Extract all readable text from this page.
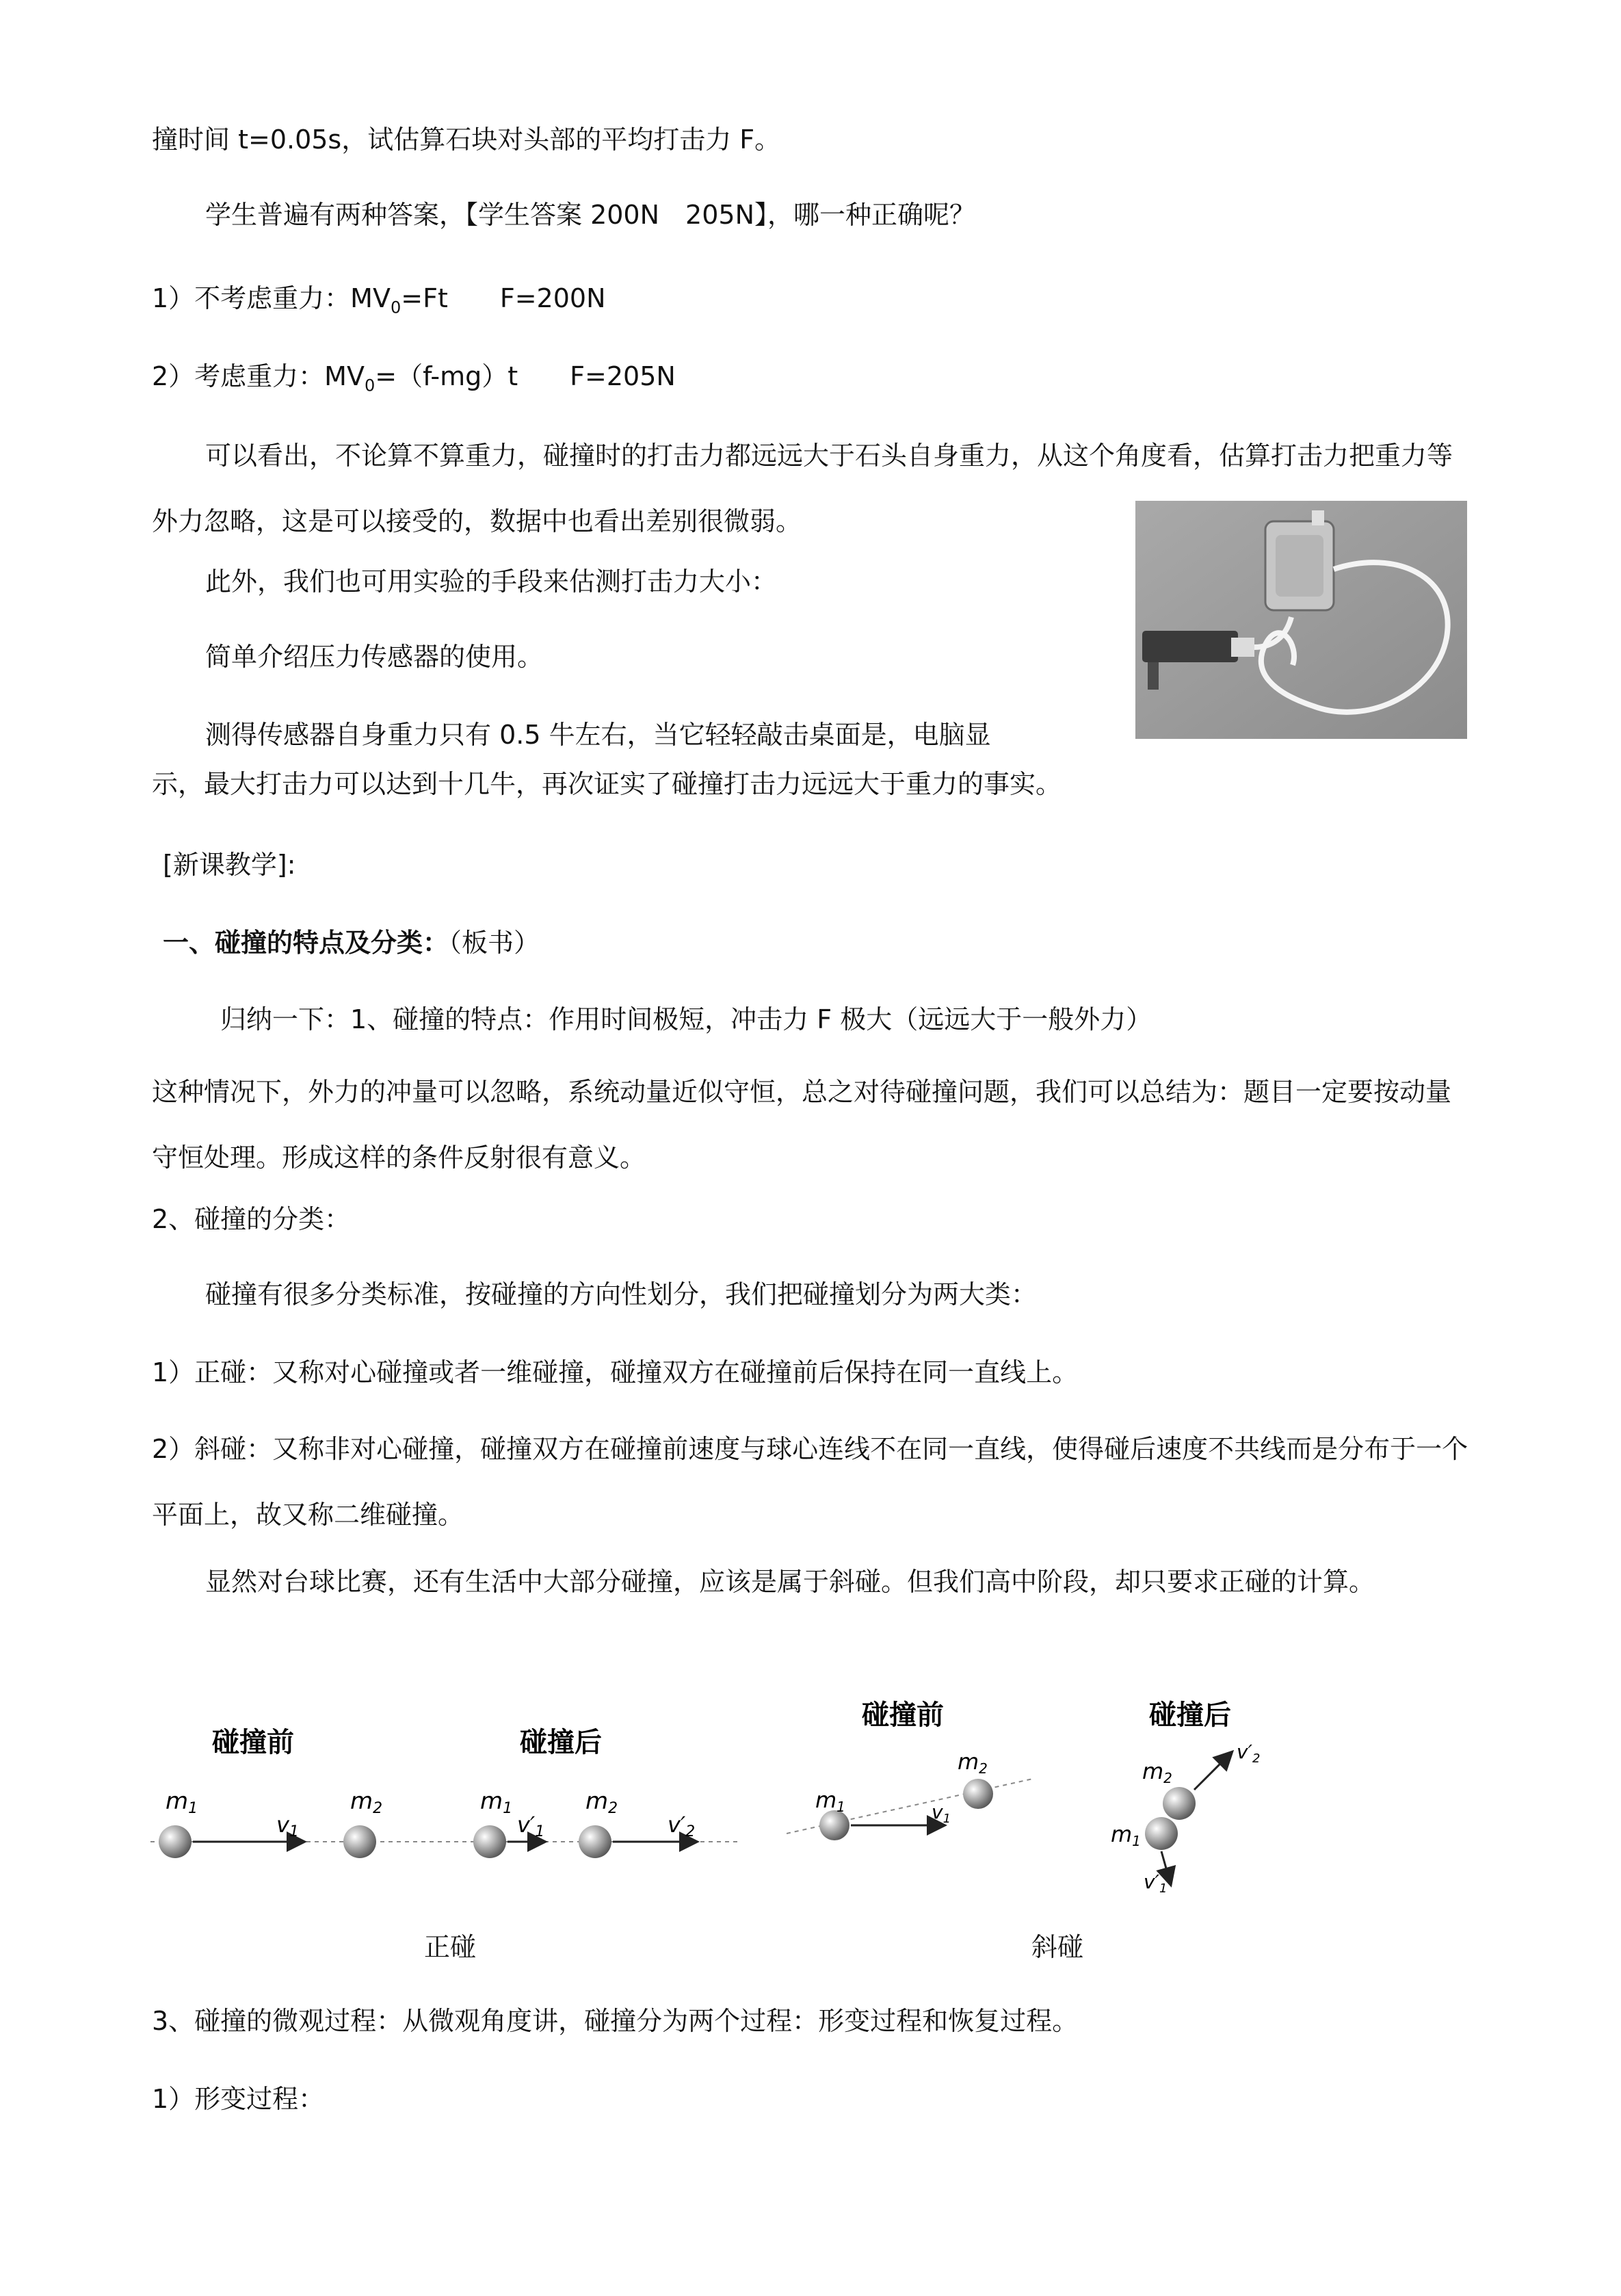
撞时间 t=0.05s，试估算石块对头部的平均打击力 F。
学生普遍有两种答案，【学生答案 200N　205N】，哪一种正确呢？
1）不考虑重力：$MV_0=Ft$　　F=200N
2）考虑重力：$MV_0=(f-mg)t$　　F=205N
可以看出，不论算不算重力，碰撞时的打击力都远远大于石头自身重力，从这个角度看，估算打击力把重力等外力忽略，这是可以接受的，数据中也看出差别很微弱。
此外，我们也可用实验的手段来估测打击力大小：
简单介绍压力传感器的使用。
测得传感器自身重力只有 0.5 牛左右，当它轻轻敲击桌面是，电脑显
示，最大打击力可以达到十几牛，再次证实了碰撞打击力远远大于重力的事实。
[新课教学]:
一、碰撞的特点及分类：（板书）
归纳一下：1、碰撞的特点：作用时间极短，冲击力 F 极大（远远大于一般外力）
这种情况下，外力的冲量可以忽略，系统动量近似守恒，总之对待碰撞问题，我们可以总结为：题目一定要按动量守恒处理。形成这样的条件反射很有意义。
2、碰撞的分类：
碰撞有很多分类标准，按碰撞的方向性划分，我们把碰撞划分为两大类：
1）正碰：又称对心碰撞或者一维碰撞，碰撞双方在碰撞前后保持在同一直线上。
2）斜碰：又称非对心碰撞，碰撞双方在碰撞前速度与球心连线不在同一直线，使得碰后速度不共线而是分布于一个平面上，故又称二维碰撞。
显然对台球比赛，还有生活中大部分碰撞，应该是属于斜碰。但我们高中阶段，却只要求正碰的计算。
碰撞前	碰撞后
m1	m2
v1
m1	m2
v′1	v′2
碰撞前	碰撞后
m1
m2
$v_1$
m2
m1
$v'_2$
$v'_1$
正碰	斜碰
3、碰撞的微观过程：从微观角度讲，碰撞分为两个过程：形变过程和恢复过程。
1）形变过程：
